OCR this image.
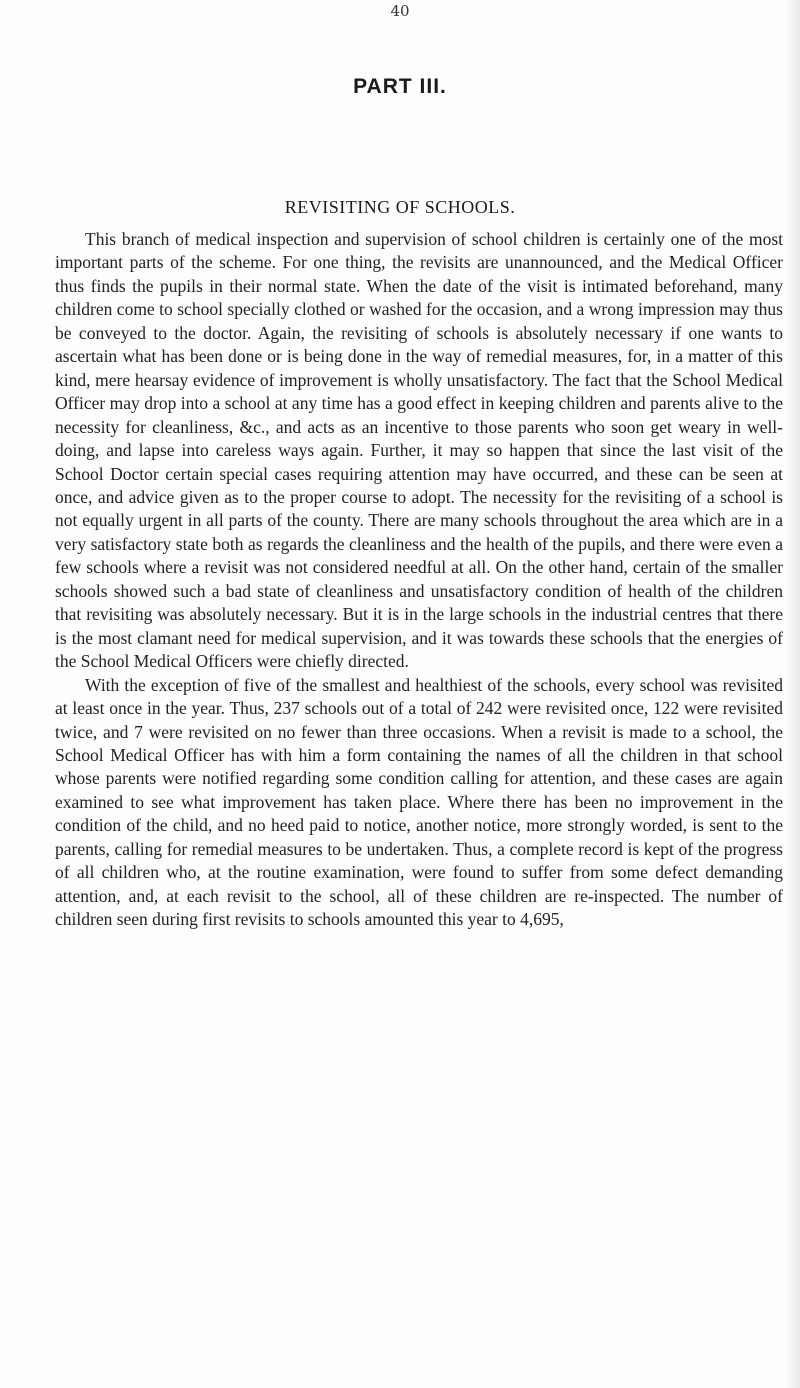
40
PART III.
REVISITING OF SCHOOLS.

This branch of medical inspection and supervision of school children is certainly one of the most important parts of the scheme. For one thing, the revisits are unannounced, and the Medical Officer thus finds the pupils in their normal state. When the date of the visit is intimated beforehand, many children come to school specially clothed or washed for the occasion, and a wrong impression may thus be conveyed to the doctor. Again, the revisiting of schools is absolutely necessary if one wants to ascertain what has been done or is being done in the way of remedial measures, for, in a matter of this kind, mere hearsay evidence of improvement is wholly unsatisfactory. The fact that the School Medical Officer may drop into a school at any time has a good effect in keeping children and parents alive to the necessity for cleanliness, &c., and acts as an incentive to those parents who soon get weary in well-doing, and lapse into careless ways again. Further, it may so happen that since the last visit of the School Doctor certain special cases requiring attention may have occurred, and these can be seen at once, and advice given as to the proper course to adopt. The necessity for the revisiting of a school is not equally urgent in all parts of the county. There are many schools throughout the area which are in a very satisfactory state both as regards the cleanliness and the health of the pupils, and there were even a few schools where a revisit was not considered needful at all. On the other hand, certain of the smaller schools showed such a bad state of cleanliness and unsatisfactory condition of health of the children that revisiting was absolutely necessary. But it is in the large schools in the industrial centres that there is the most clamant need for medical supervision, and it was towards these schools that the energies of the School Medical Officers were chiefly directed.

With the exception of five of the smallest and healthiest of the schools, every school was revisited at least once in the year. Thus, 237 schools out of a total of 242 were revisited once, 122 were revisited twice, and 7 were revisited on no fewer than three occasions. When a revisit is made to a school, the School Medical Officer has with him a form containing the names of all the children in that school whose parents were notified regarding some condition calling for attention, and these cases are again examined to see what improvement has taken place. Where there has been no improvement in the condition of the child, and no heed paid to notice, another notice, more strongly worded, is sent to the parents, calling for remedial measures to be undertaken. Thus, a complete record is kept of the progress of all children who, at the routine examination, were found to suffer from some defect demanding attention, and, at each revisit to the school, all of these children are re-inspected. The number of children seen during first revisits to schools amounted this year to 4,695,
